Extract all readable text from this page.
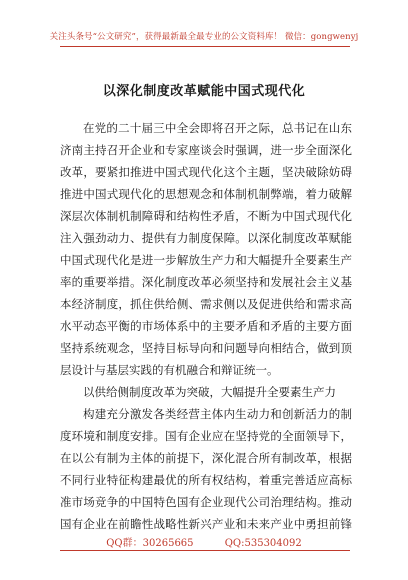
关注头条号“公文研究”，获得最新最全最专业的公文资料库！ 微信：gongwenyj
以深化制度改革赋能中国式现代化
在党的二十届三中全会即将召开之际，总书记在山东
济南主持召开企业和专家座谈会时强调，进一步全面深化
改革，要紧扣推进中国式现代化这个主题，坚决破除妨碍
推进中国式现代化的思想观念和体制机制弊端，着力破解
深层次体制机制障碍和结构性矛盾，不断为中国式现代化
注入强劲动力、提供有力制度保障。以深化制度改革赋能
中国式现代化是进一步解放生产力和大幅提升全要素生产
率的重要举措。深化制度改革必须坚持和发展社会主义基
本经济制度，抓住供给侧、需求侧以及促进供给和需求高
水平动态平衡的市场体系中的主要矛盾和矛盾的主要方面
坚持系统观念，坚持目标导向和问题导向相结合，做到顶
层设计与基层实践的有机融合和辩证统一。
以供给侧制度改革为突破，大幅提升全要素生产力
构建充分激发各类经营主体内生动力和创新活力的制
度环境和制度安排。国有企业应在坚持党的全面领导下，
在以公有制为主体的前提下，深化混合所有制改革，根据
不同行业特征构建最优的所有权结构，着重完善适应高标
准市场竞争的中国特色国有企业现代公司治理结构。推动
国有企业在前瞻性战略性新兴产业和未来产业中勇担前锋
QQ群：30265665	QQ:535304092
